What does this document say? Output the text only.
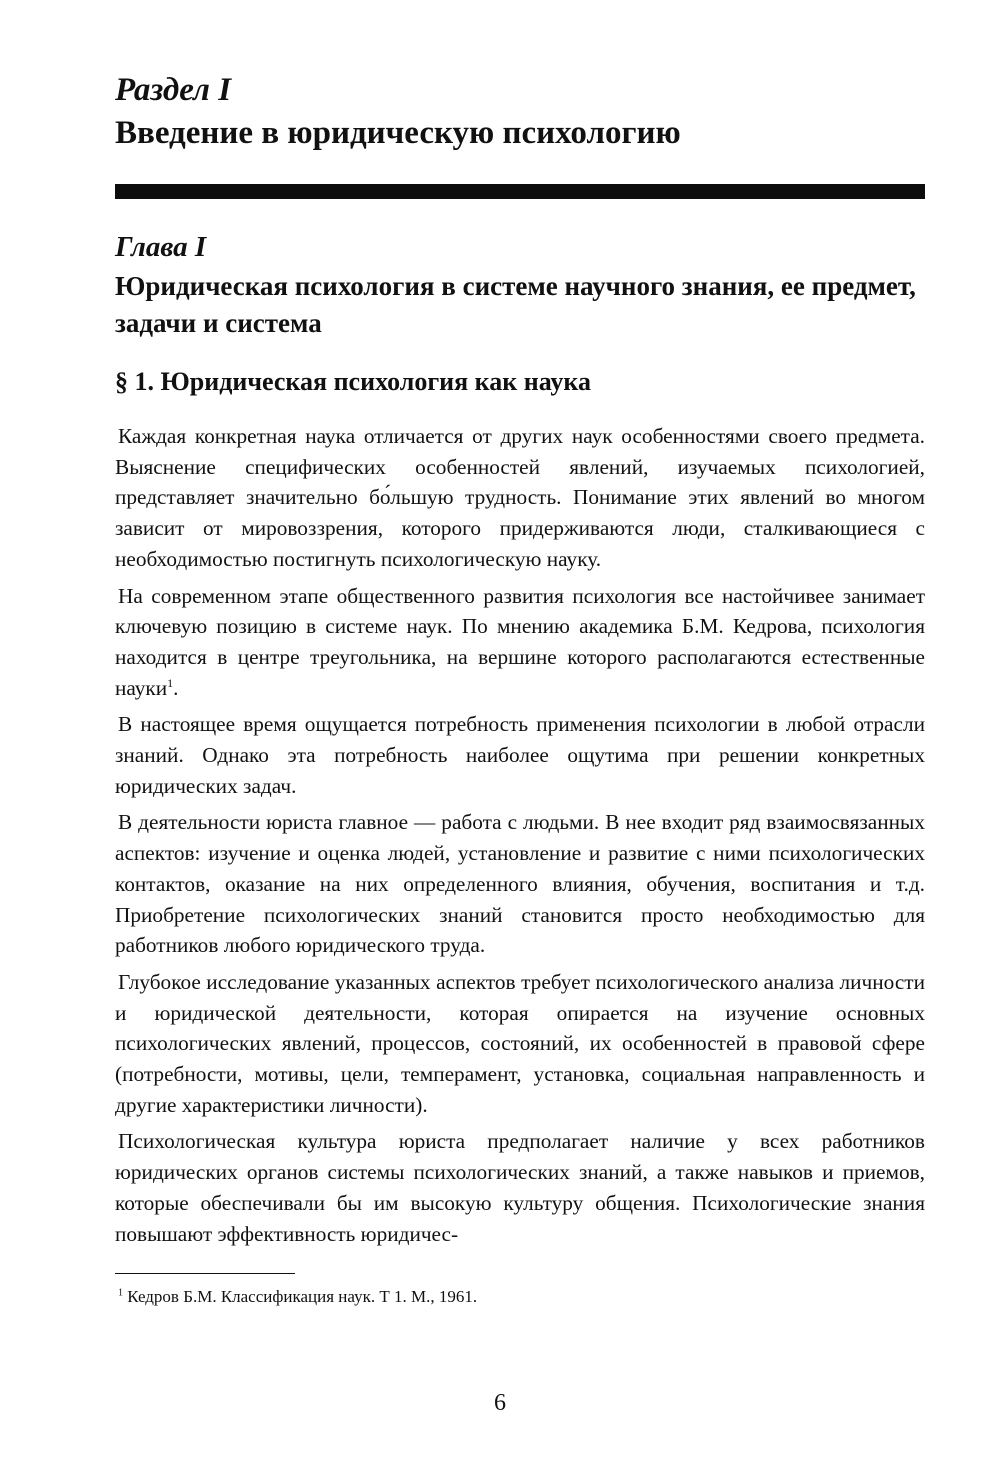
Раздел I
Введение в юридическую психологию
Глава I
Юридическая психология в системе научного знания, ее предмет, задачи и система
§ 1. Юридическая психология как наука

Каждая конкретная наука отличается от других наук особенностями своего предмета. Выяснение специфических особенностей явлений, изучаемых психологией, представляет значительно бо́льшую трудность. Понимание этих явлений во многом зависит от мировоззрения, которого придерживаются люди, сталкивающиеся с необходимостью постигнуть психологическую науку.

На современном этапе общественного развития психология все настойчивее занимает ключевую позицию в системе наук. По мнению академика Б.М. Кедрова, психология находится в центре треугольника, на вершине которого располагаются естественные науки$^1$.

В настоящее время ощущается потребность применения психологии в любой отрасли знаний. Однако эта потребность наиболее ощутима при решении конкретных юридических задач.

В деятельности юриста главное — работа с людьми. В нее входит ряд взаимосвязанных аспектов: изучение и оценка людей, установление и развитие с ними психологических контактов, оказание на них определенного влияния, обучения, воспитания и т.д. Приобретение психологических знаний становится просто необходимостью для работников любого юридического труда.

Глубокое исследование указанных аспектов требует психологического анализа личности и юридической деятельности, которая опирается на изучение основных психологических явлений, процессов, состояний, их особенностей в правовой сфере (потребности, мотивы, цели, темперамент, установка, социальная направленность и другие характеристики личности).

Психологическая культура юриста предполагает наличие у всех работников юридических органов системы психологических знаний, а также навыков и приемов, которые обеспечивали бы им высокую культуру общения. Психологические знания повышают эффективность юридичес-

$^1$ Кедров Б.М. Классификация наук. Т 1. М., 1961.
6
